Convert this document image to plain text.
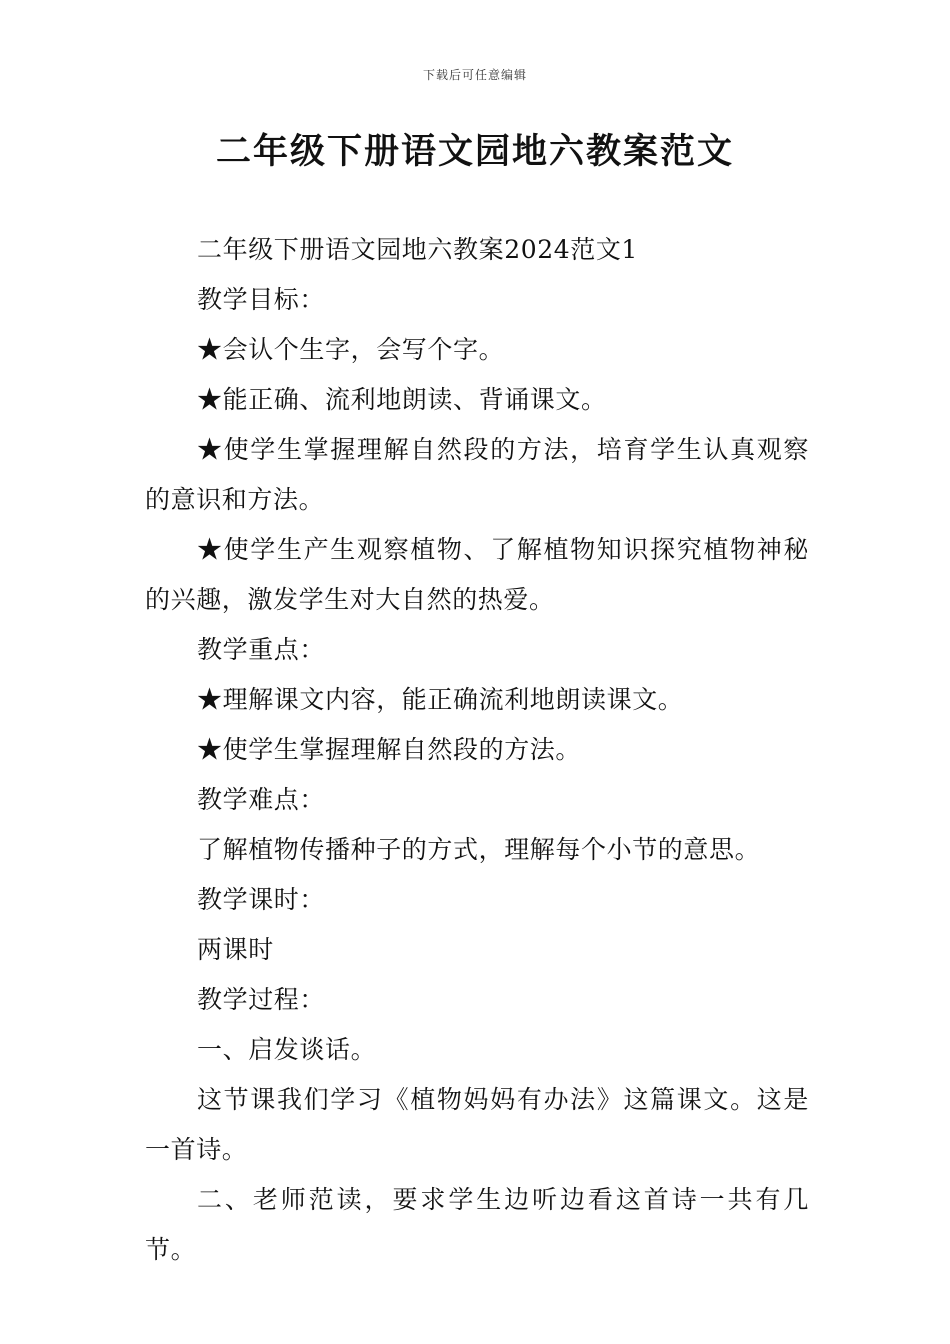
下载后可任意编辑
二年级下册语文园地六教案范文

二年级下册语文园地六教案2024范文1

教学目标：

★会认个生字，会写个字。

★能正确、流利地朗读、背诵课文。

★使学生掌握理解自然段的方法，培育学生认真观察的意识和方法。

★使学生产生观察植物、了解植物知识探究植物神秘的兴趣，激发学生对大自然的热爱。

教学重点：

★理解课文内容，能正确流利地朗读课文。

★使学生掌握理解自然段的方法。

教学难点：

了解植物传播种子的方式，理解每个小节的意思。

教学课时：

两课时

教学过程：

一、启发谈话。

这节课我们学习《植物妈妈有办法》这篇课文。这是一首诗。

二、老师范读，要求学生边听边看这首诗一共有几节。
